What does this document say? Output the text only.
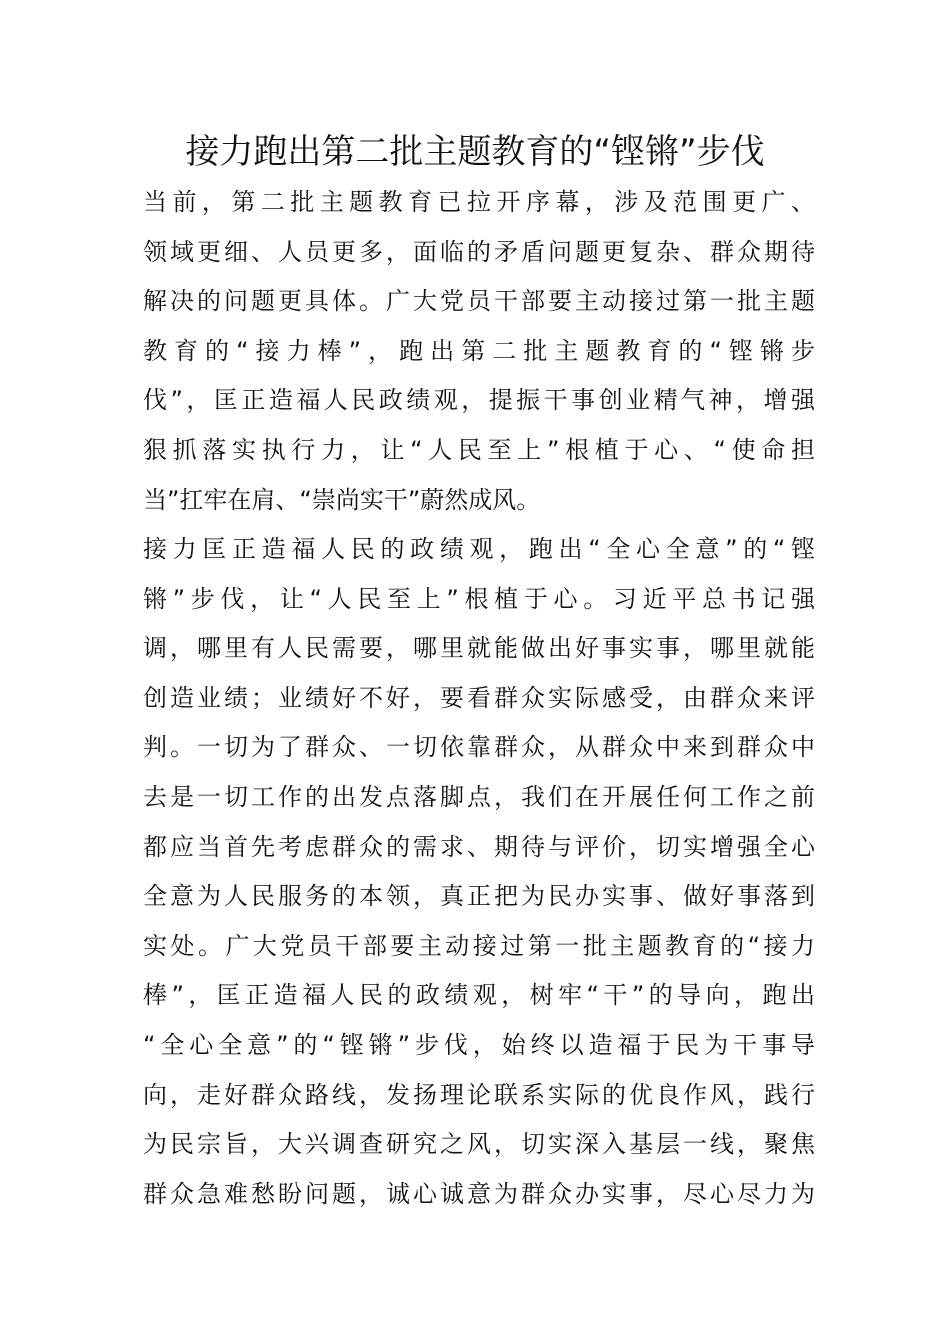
接力跑出第二批主题教育的“铿锵”步伐
当前，第二批主题教育已拉开序幕，涉及范围更广、
领域更细、人员更多，面临的矛盾问题更复杂、群众期待
解决的问题更具体。广大党员干部要主动接过第一批主题
教育的“接力棒”，跑出第二批主题教育的“铿锵步
伐”，匡正造福人民政绩观，提振干事创业精气神，增强
狠抓落实执行力，让“人民至上”根植于心、“使命担
当”扛牢在肩、“崇尚实干”蔚然成风。
接力匡正造福人民的政绩观，跑出“全心全意”的“铿
锵”步伐，让“人民至上”根植于心。习近平总书记强
调，哪里有人民需要，哪里就能做出好事实事，哪里就能
创造业绩；业绩好不好，要看群众实际感受，由群众来评
判。一切为了群众、一切依靠群众，从群众中来到群众中
去是一切工作的出发点落脚点，我们在开展任何工作之前
都应当首先考虑群众的需求、期待与评价，切实增强全心
全意为人民服务的本领，真正把为民办实事、做好事落到
实处。广大党员干部要主动接过第一批主题教育的“接力
棒”，匡正造福人民的政绩观，树牢“干”的导向，跑出
“全心全意”的“铿锵”步伐，始终以造福于民为干事导
向，走好群众路线，发扬理论联系实际的优良作风，践行
为民宗旨，大兴调查研究之风，切实深入基层一线，聚焦
群众急难愁盼问题，诚心诚意为群众办实事，尽心尽力为
